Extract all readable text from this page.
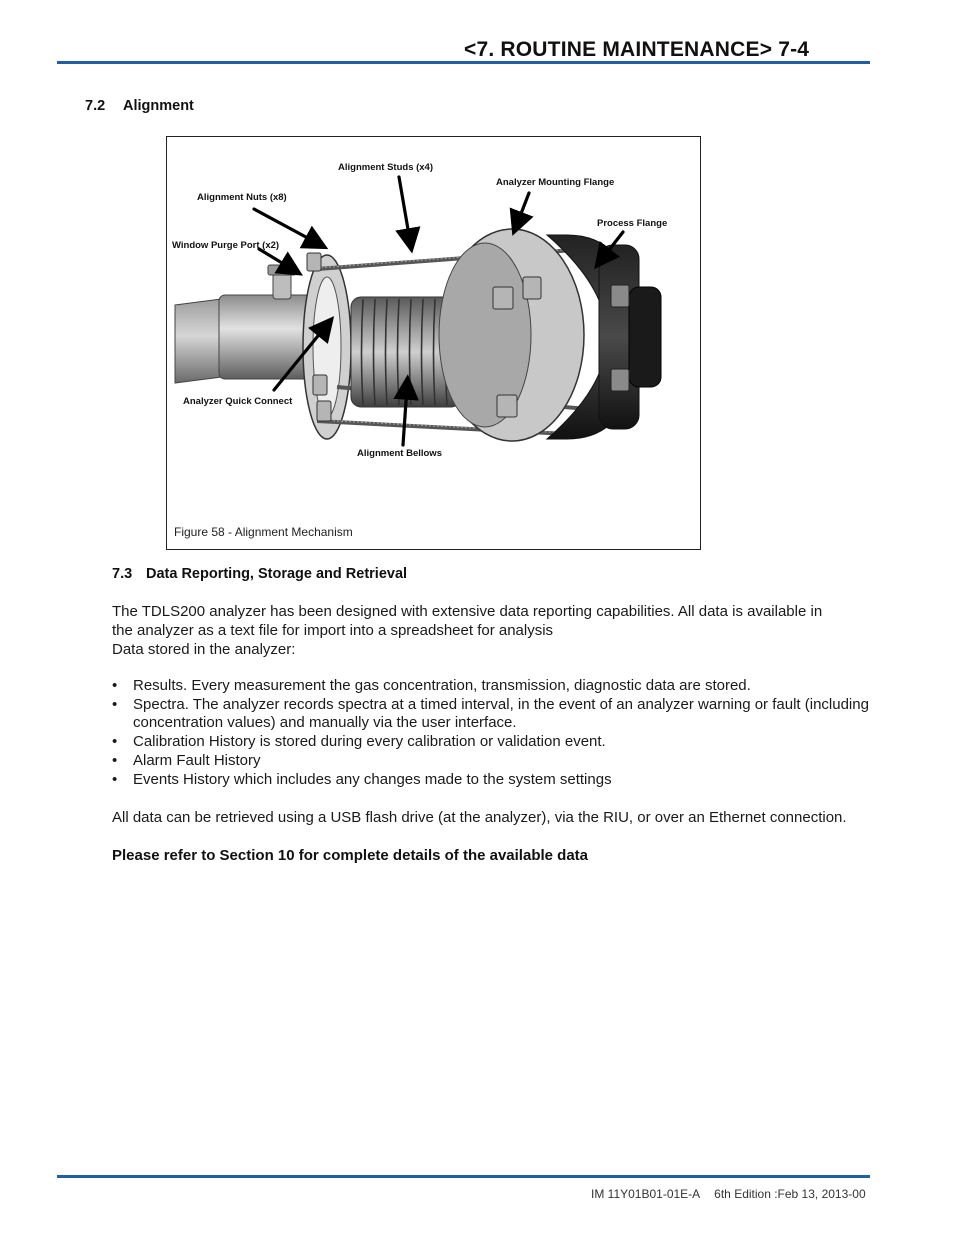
<7. ROUTINE MAINTENANCE> 7-4
7.2 Alignment
Alignment Studs (x4)
Analyzer Mounting Flange
Alignment Nuts (x8)
Process Flange
Window Purge Port (x2)
Analyzer Quick Connect
Alignment Bellows
Figure 58 - Alignment Mechanism
7.3 Data Reporting, Storage and Retrieval
The TDLS200 analyzer has been designed with extensive data reporting capabilities. All data is available in
the analyzer as a text file for import into a spreadsheet for analysis
Data stored in the analyzer:
• Results. Every measurement the gas concentration, transmission, diagnostic data are stored.
• Spectra. The analyzer records spectra at a timed interval, in the event of an analyzer warning or fault (including concentration values) and manually via the user interface.
• Calibration History is stored during every calibration or validation event.
• Alarm Fault History
• Events History which includes any changes made to the system settings
All data can be retrieved using a USB flash drive (at the analyzer), via the RIU, or over an Ethernet connection.
Please refer to Section 10 for complete details of the available data
IM 11Y01B01-01E-A 6th Edition :Feb 13, 2013-00
